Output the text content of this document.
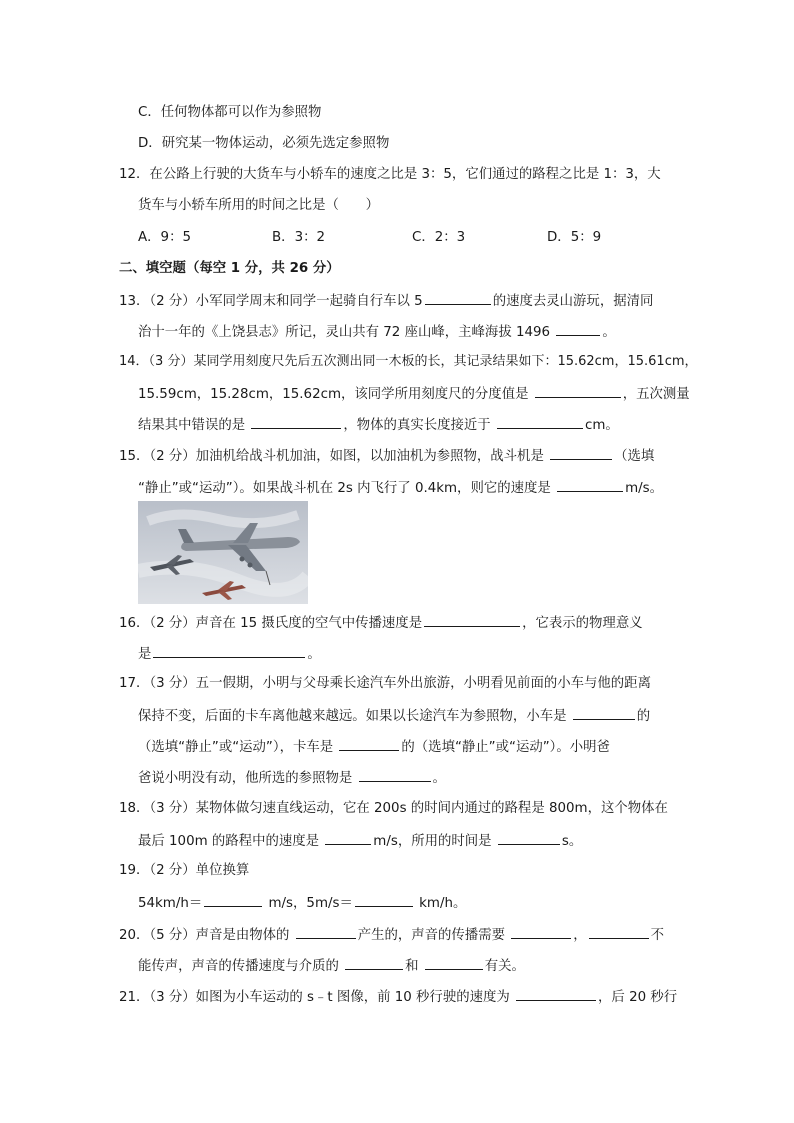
C．任何物体都可以作为参照物
D．研究某一物体运动，必须先选定参照物
12．在公路上行驶的大货车与小轿车的速度之比是 3：5，它们通过的路程之比是 1：3，大
货车与小轿车所用的时间之比是（　　）
A．9：5	B．3：2	C．2：3	D．5：9
二、填空题（每空 1 分，共 26 分）
13．（2 分）小军同学周末和同学一起骑自行车以 5	的速度去灵山游玩，据清同
治十一年的《上饶县志》所记，灵山共有 72 座山峰，主峰海拔 1496	。
14．（3 分）某同学用刻度尺先后五次测出同一木板的长，其记录结果如下：15.62cm，15.61cm，
15.59cm，15.28cm，15.62cm，该同学所用刻度尺的分度值是	，五次测量
结果其中错误的是	，物体的真实长度接近于	cm。
15．（2 分）加油机给战斗机加油，如图，以加油机为参照物，战斗机是	（选填
“静止”或“运动”）。如果战斗机在 2s 内飞行了 0.4km，则它的速度是	m/s。
16．（2 分）声音在 15 摄氏度的空气中传播速度是	，它表示的物理意义
是	。
17．（3 分）五一假期，小明与父母乘长途汽车外出旅游，小明看见前面的小车与他的距离
保持不变，后面的卡车离他越来越远。如果以长途汽车为参照物，小车是	的
（选填“静止”或“运动”），卡车是	的（选填“静止”或“运动”）。小明爸
爸说小明没有动，他所选的参照物是	。
18．（3 分）某物体做匀速直线运动，它在 200s 的时间内通过的路程是 800m，这个物体在
最后 100m 的路程中的速度是	m/s，所用的时间是	s。
19．（2 分）单位换算
54km/h＝	m/s，5m/s＝	km/h。
20．（5 分）声音是由物体的	产生的，声音的传播需要	，	不
能传声，声音的传播速度与介质的	和	有关。
21．（3 分）如图为小车运动的 s﹣t 图像，前 10 秒行驶的速度为	，后 20 秒行
